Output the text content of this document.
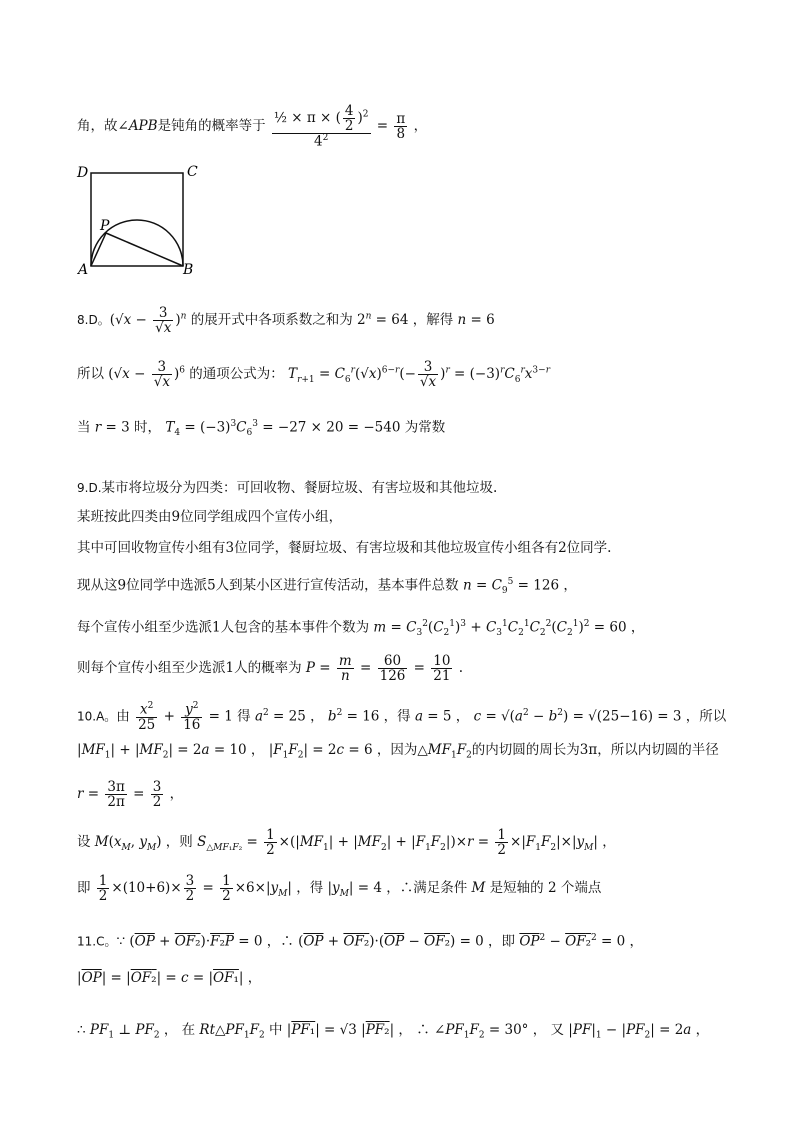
角，故∠APB是钝角的概率等于 $\frac{\frac{1}{2} \times \pi \times ( \frac{4}{2} )^2}{4^2} = \frac{\pi}{8}$ ，
D	C
A	B
P
8.D。$(√x - \frac{3}{√x} )^n$ 的展开式中各项系数之和为 $2^n = 64$ ，解得 n = 6
所以 $(√x - \frac{3}{√x} )^6$ 的通项公式为： $T_{r+1} = C_6^r(√x)^{6-r}(- \frac{3}{√x} )^r = (-3)^rC_6^rx^{3-r}$
当 r = 3 时， $T_4 = (-3)^3C_6^3 = -27 \times 20 = -540$ 为常数
9.D.某市将垃圾分为四类：可回收物、餐厨垃圾、有害垃圾和其他垃圾.
某班按此四类由9位同学组成四个宣传小组，
其中可回收物宣传小组有3位同学，餐厨垃圾、有害垃圾和其他垃圾宣传小组各有2位同学.
现从这9位同学中选派5人到某小区进行宣传活动，基本事件总数 $n = C_9^5 = 126$ ，
每个宣传小组至少选派1人包含的基本事件个数为 $m = C_3^2(C_2^1)^3 + C_3^1C_2^1C_2^2(C_2^1)^2 = 60$ ，
则每个宣传小组至少选派1人的概率为 $P = \frac{m}{n} = \frac{60}{126} = \frac{10}{21}$ .
10.A。由 $\frac{x^2}{25} + \frac{y^2}{16} = 1$ 得 $a^2 = 25$ ， $b^2 = 16$ ，得 a = 5 ， $c = √(a^2 - b^2) = √(25-16) = 3$ ，所以
$|MF_1| + |MF_2| = 2a = 10$ ， $|F_1F_2| = 2c = 6$ ，因为$\triangle MF_1F_2$的内切圆的周长为3π，所以内切圆的半径
$r = \frac{3\pi}{2\pi} = \frac{3}{2}$ ，
设 $M(x_M$, $y_M$) ，则 $S_{\triangle MF_1F_2} = \frac{1}{2} \times(|MF_1| + |MF_2| + |F_1F_2|)\times r = \frac{1}{2} \times|F_1F_2|\times|y_M|$ ，
即 $\frac{1}{2} \times(10+6)\times \frac{3}{2} = \frac{1}{2} \times 6\times|y_M|$ ，得 $|y_M| = 4$ ，∴满足条件 M 是短轴的 2 个端点
11.C。∵ $(\overline{OP} + OF_2)\cdot F_2P = 0$ ，∴ $(\overline{OP} + OF_2)\cdot(\overline{OP} - OF_2) = 0$ ，即 $\overline{OP}^2 - OF_2^2 = 0$ ，
$|\overline{OP}| = |OF_2| = c = |OF_1|$ ，
∴ $PF_1$ ⊥ $PF_2$ ， 在 $Rt\triangle PF_1F_2$ 中 |PF₁| = √3 |PF₂| ， ∴ $\angle PF_1F_2 = 30^\circ$ ， 又 $|PF|_1 - |PF_2| = 2a$ ，
